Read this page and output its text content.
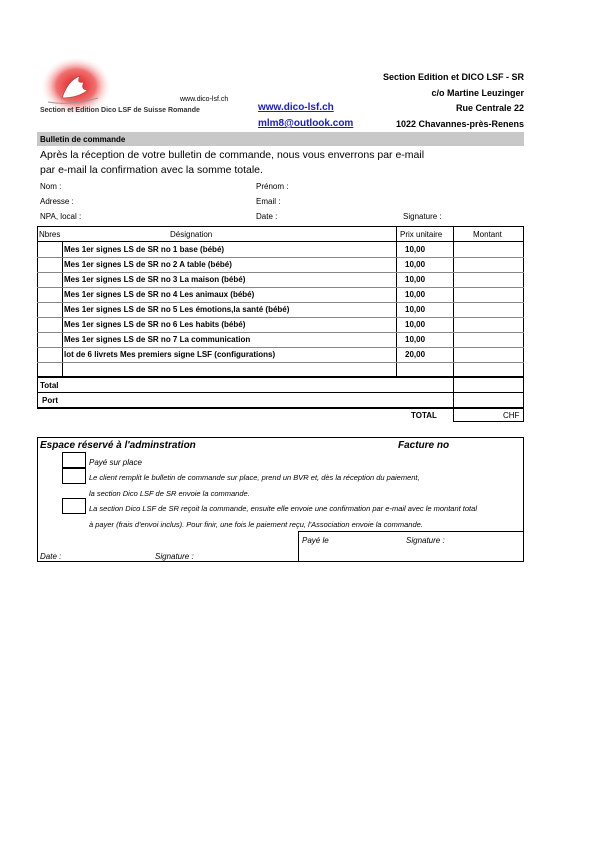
www.dico-lsf.ch
Section et Edition Dico LSF de Suisse Romande	www.dico-lsf.ch
mlm8@outlook.com
Section Edition et DICO LSF - SR
c/o Martine Leuzinger
Rue Centrale 22
1022 Chavannes-près-Renens
Bulletin de commande
Après la réception de votre bulletin de commande, nous vous enverrons par e-mail
par e-mail la confirmation avec la somme totale.
Nom :	Prénom :
Adresse :	Email :
NPA, local :	Date :	Signature :
Nbres	Désignation	Prix unitaire	Montant
Mes 1er signes LS de SR no 1 base (bébé)	10,00
Mes 1er signes LS de SR no 2 A table (bébé)	10,00
Mes 1er signes LS de SR no 3 La maison (bébé)	10,00
Mes 1er signes LS de SR no 4 Les animaux (bébé)	10,00
Mes 1er signes LS de SR no 5 Les émotions,la santé (bébé)	10,00
Mes 1er signes LS de SR no 6 Les habits (bébé)	10,00
Mes 1er signes LS de SR no 7 La communication	10,00
lot de 6 livrets Mes premiers signe LSF (configurations)	20,00
Total
Port
TOTAL	CHF
Espace réservé à l'adminstration	Facture no
Payé sur place
Le client remplit le bulletin de commande sur place, prend un BVR et, dès la réception du paiement,
la section Dico LSF de SR envoie la commande.
La section Dico LSF de SR reçoit la commande, ensuite elle envoie une confirmation par e-mail avec le montant total
à payer (frais d'envoi inclus). Pour finir, une fois le paiement reçu, l'Association envoie la commande.
Payé le	Signature :
Date :	Signature :
